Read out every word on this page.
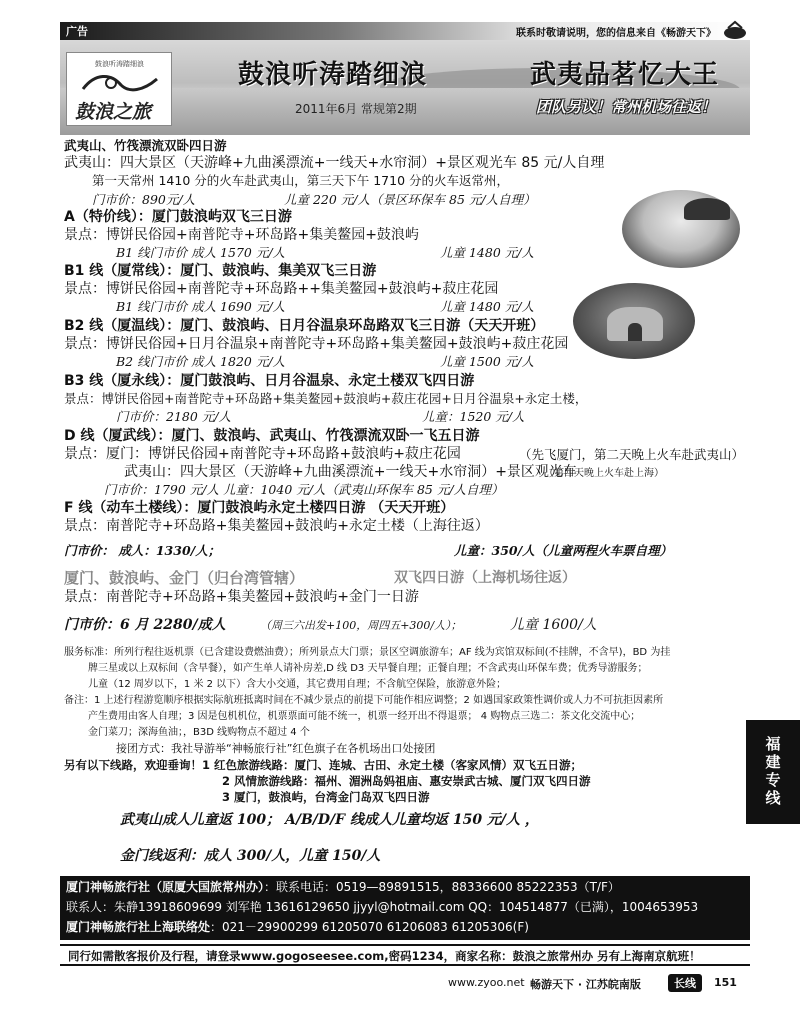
广告	联系时敬请说明，您的信息来自《畅游天下》
鼓浪听涛踏细浪
鼓浪之旅
鼓浪听涛踏细浪	武夷品茗忆大王
2011年6月 常规第2期	团队另议！常州机场往返！
武夷山、竹筏漂流双卧四日游
武夷山：四大景区（天游峰+九曲溪漂流+一线天+水帘洞）+景区观光车 85 元/人自理
第一天常州 1410 分的火车赴武夷山，第三天下午 1710 分的火车返常州，
门市价：890元/人	儿童 220 元/人（景区环保车 85 元/人自理）
A（特价线）：厦门鼓浪屿双飞三日游
景点：博饼民俗园+南普陀寺+环岛路+集美鳌园+鼓浪屿
B1 线门市价 成人 1570 元/人	儿童 1480 元/人
B1 线（厦常线）：厦门、鼓浪屿、集美双飞三日游
景点：博饼民俗园+南普陀寺+环岛路++集美鳌园+鼓浪屿+菽庄花园
B1 线门市价 成人 1690 元/人	儿童 1480 元/人
B2 线（厦温线）：厦门、鼓浪屿、日月谷温泉环岛路双飞三日游（天天开班）
景点：博饼民俗园+日月谷温泉+南普陀寺+环岛路+集美鳌园+鼓浪屿+菽庄花园
B2 线门市价 成人 1820 元/人	儿童 1500 元/人
B3 线（厦永线）：厦门鼓浪屿、日月谷温泉、永定土楼双飞四日游
景点：博饼民俗园+南普陀寺+环岛路+集美鳌园+鼓浪屿+菽庄花园+日月谷温泉+永定土楼，
门市价：2180 元/人	儿童：1520 元/人
D 线（厦武线）：厦门、鼓浪屿、武夷山、竹筏漂流双卧一飞五日游
景点：厦门：博饼民俗园+南普陀寺+环岛路+鼓浪屿+菽庄花园	（先飞厦门，第二天晚上火车赴武夷山）
武夷山：四大景区（天游峰+九曲溪漂流+一线天+水帘洞）+景区观光车
（第四天晚上火车赴上海）
门市价：1790 元/人 儿童：1040 元/人（武夷山环保车 85 元/人自理）
F 线（动车土楼线）：厦门鼓浪屿永定土楼四日游 （天天开班）
景点：南普陀寺+环岛路+集美鳌园+鼓浪屿+永定土楼（上海往返）
门市价： 成人：1330/人；	儿童：350/人（儿童两程火车票自理）
厦门、鼓浪屿、金门（归台湾管辖）	双飞四日游（上海机场往返）
景点：南普陀寺+环岛路+集美鳌园+鼓浪屿+金门一日游
门市价：6 月 2280/成人	（周三六出发+100，周四五+300/人）；	儿童 1600/人
服务标准：所列行程往返机票（已含建设费燃油费）；所列景点大门票；景区空调旅游车；AF 线为宾馆双标间(不挂牌，不含早)，BD 为挂
牌三星或以上双标间（含早餐），如产生单人请补房差,D 线 D3 天早餐自理；正餐自理；不含武夷山环保车费；优秀导游服务；
儿童（12 周岁以下，1 米 2 以下）含大小交通，其它费用自理；不含航空保险，旅游意外险；
备注：1 上述行程游览顺序根据实际航班抵离时间在不减少景点的前提下可能作相应调整；2 如遇国家政策性调价或人力不可抗拒因素所
产生费用由客人自理；3 因是包机机位，机票票面可能不统一，机票一经开出不得退票； 4 购物点三选二：茶文化交流中心；
金门菜刀；深海鱼油；，B3D 线购物点不超过 4 个
接团方式：我社导游举“神畅旅行社”红色旗子在各机场出口处接团
另有以下线路，欢迎垂询！1 红色旅游线路：厦门、连城、古田、永定土楼（客家风情）双飞五日游；
2 风情旅游线路：福州、湄洲岛妈祖庙、惠安崇武古城、厦门双飞四日游
3 厦门，鼓浪屿，台湾金门岛双飞四日游
武夷山成人儿童返 100； A/B/D/F 线成人儿童均返 150 元/人 ，
金门线返利：成人 300/人，儿童 150/人
福建专线
厦门神畅旅行社（原厦大国旅常州办）：联系电话：0519—89891515，88336600 85222353（T/F）
联系人：朱静13918609699 刘军艳 13616129650 jjyyl@hotmail.com QQ：104514877（已满），1004653953
厦门神畅旅行社上海联络处：021－29900299 61205070 61206083 61205306(F)
同行如需散客报价及行程，请登录www.gogoseesee.com,密码1234，商家名称：鼓浪之旅常州办 另有上海南京航班！
www.zyoo.net 畅游天下 · 江苏皖南版	长线	151
